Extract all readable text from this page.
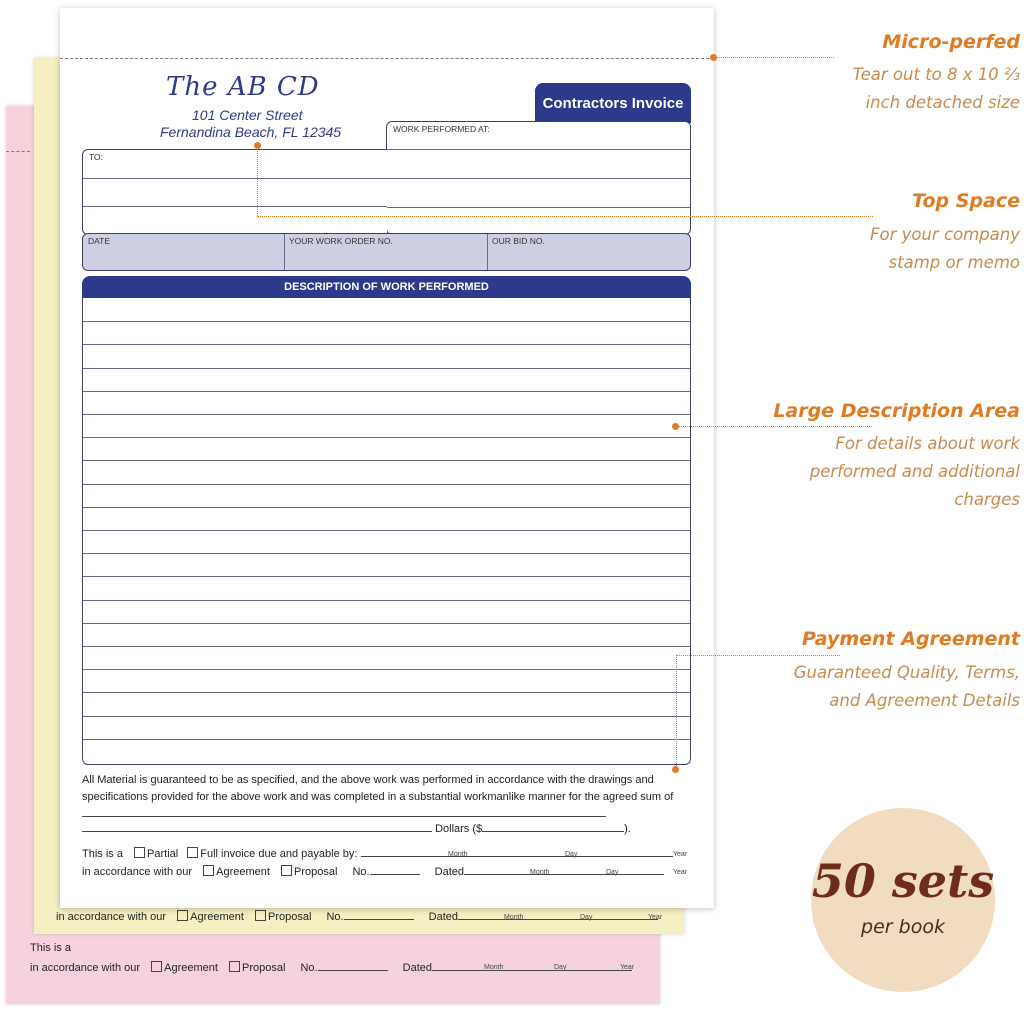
This is a
in accordance with our Agreement Proposal No.	Dated	Month	Day	Year
in accordance with our Agreement Proposal No.	Dated	Month	Day	Year
The AB CD
101 Center Street
Fernandina Beach, FL 12345
Contractors Invoice
WORK PERFORMED AT:
TO:
DATE	YOUR WORK ORDER NO.	OUR BID NO.
DESCRIPTION OF WORK PERFORMED
All Material is guaranteed to be as specified, and the above work was performed in accordance with the drawings and specifications provided for the above work and was completed in a substantial workmanlike manner for the agreed sum of
Dollars ($	).
This is a Partial Full invoice due and payable by:	Month	Day	Year
in accordance with our Agreement Proposal No.	Dated	Month	Day	Year
Micro-perfed
Tear out to 8 x 10 ⅔
inch detached size
Top Space
For your company
stamp or memo
Large Description Area
For details about work
performed and additional
charges
Payment Agreement
Guaranteed Quality, Terms,
and Agreement Details
50 sets
per book
